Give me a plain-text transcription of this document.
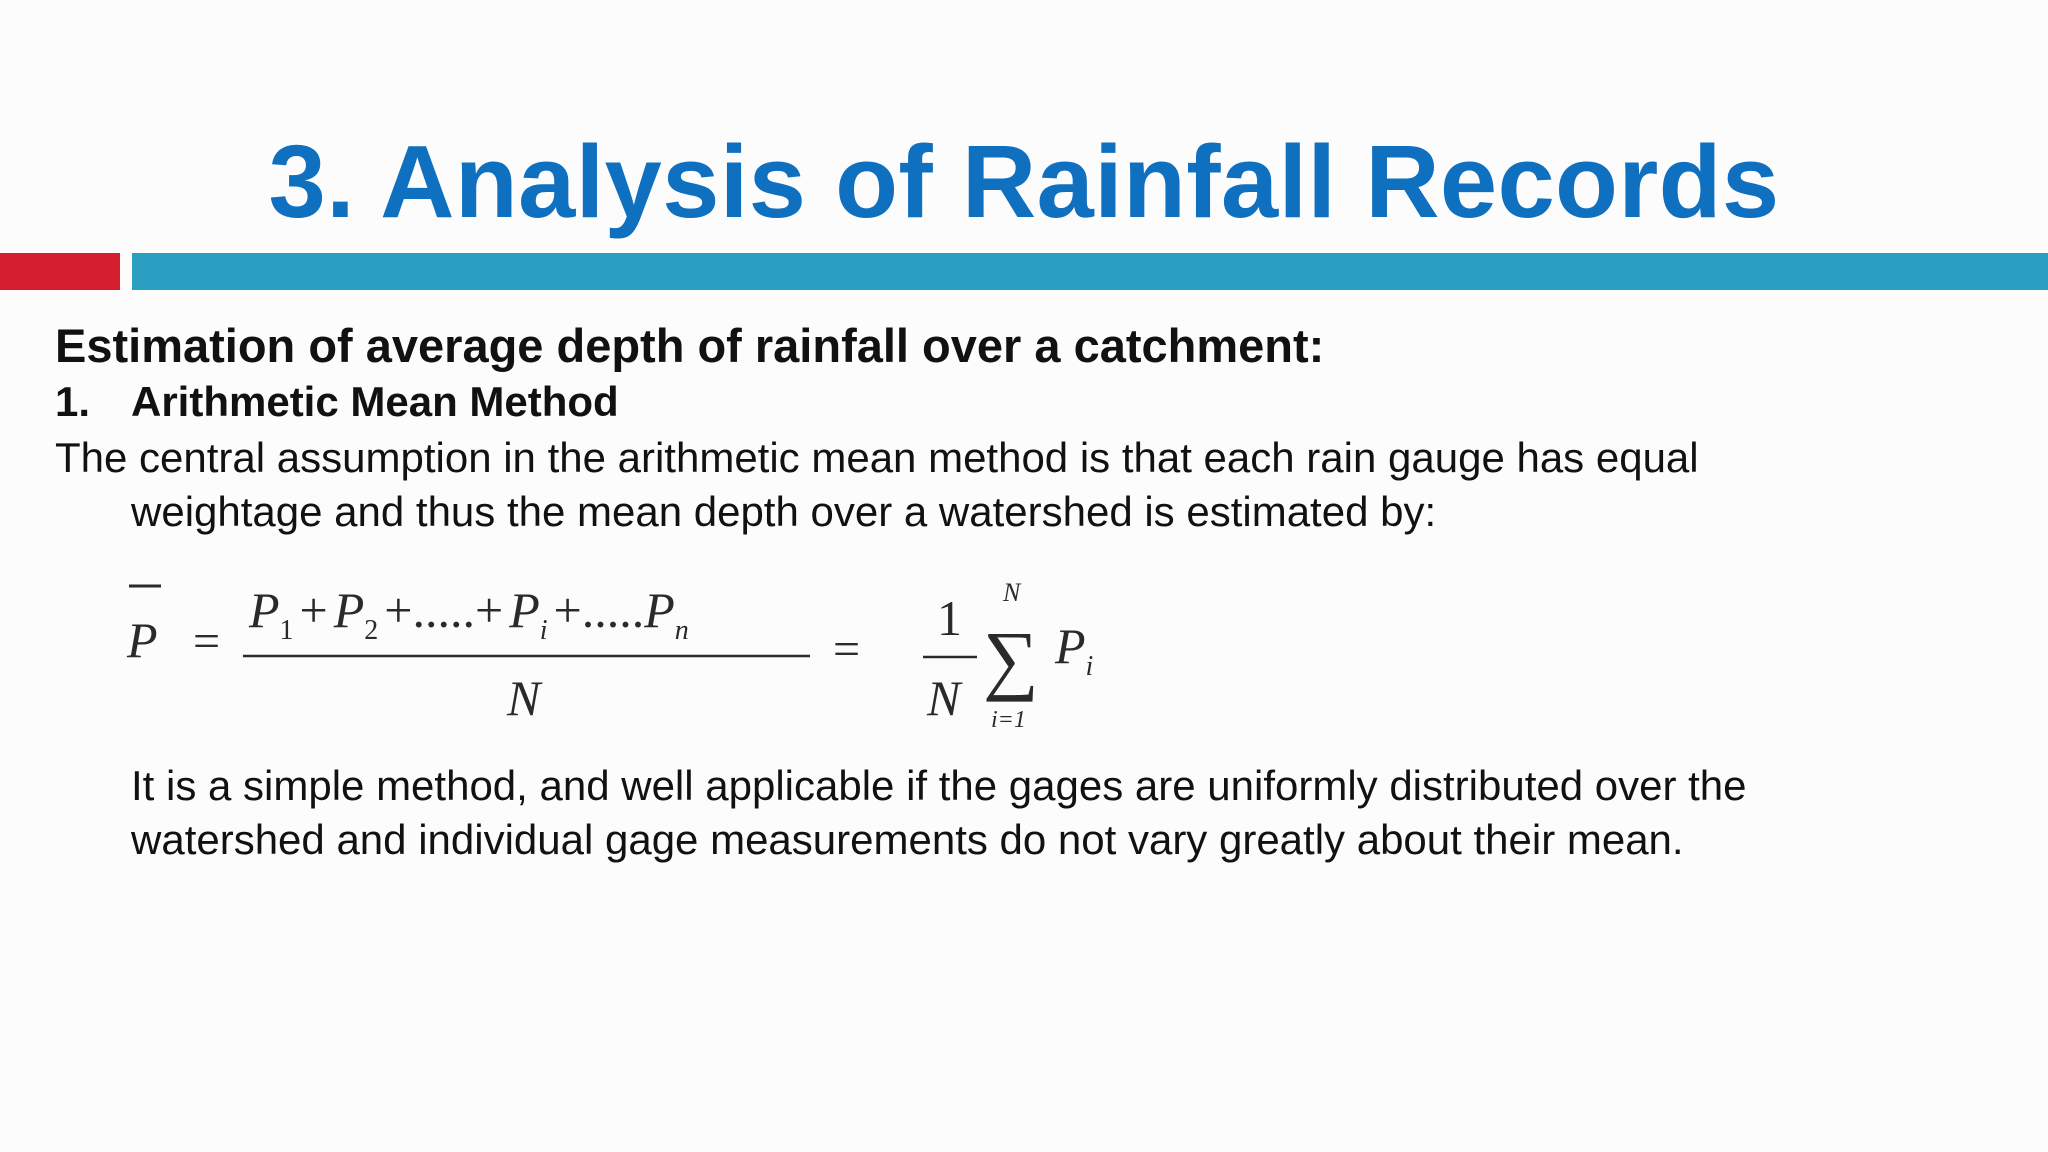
3. Analysis of Rainfall Records

Estimation of average depth of rainfall over a catchment:

1. Arithmetic Mean Method

The central assumption in the arithmetic mean method is that each rain gauge has equal

weightage and thus the mean depth over a watershed is estimated by:

P =
$P_1 + P_2$ +.....+ $P_i +.....P_n$
N
=
1
N
N
∑
i=1
$P_i$

It is a simple method, and well applicable if the gages are uniformly distributed over the

watershed and individual gage measurements do not vary greatly about their mean.
